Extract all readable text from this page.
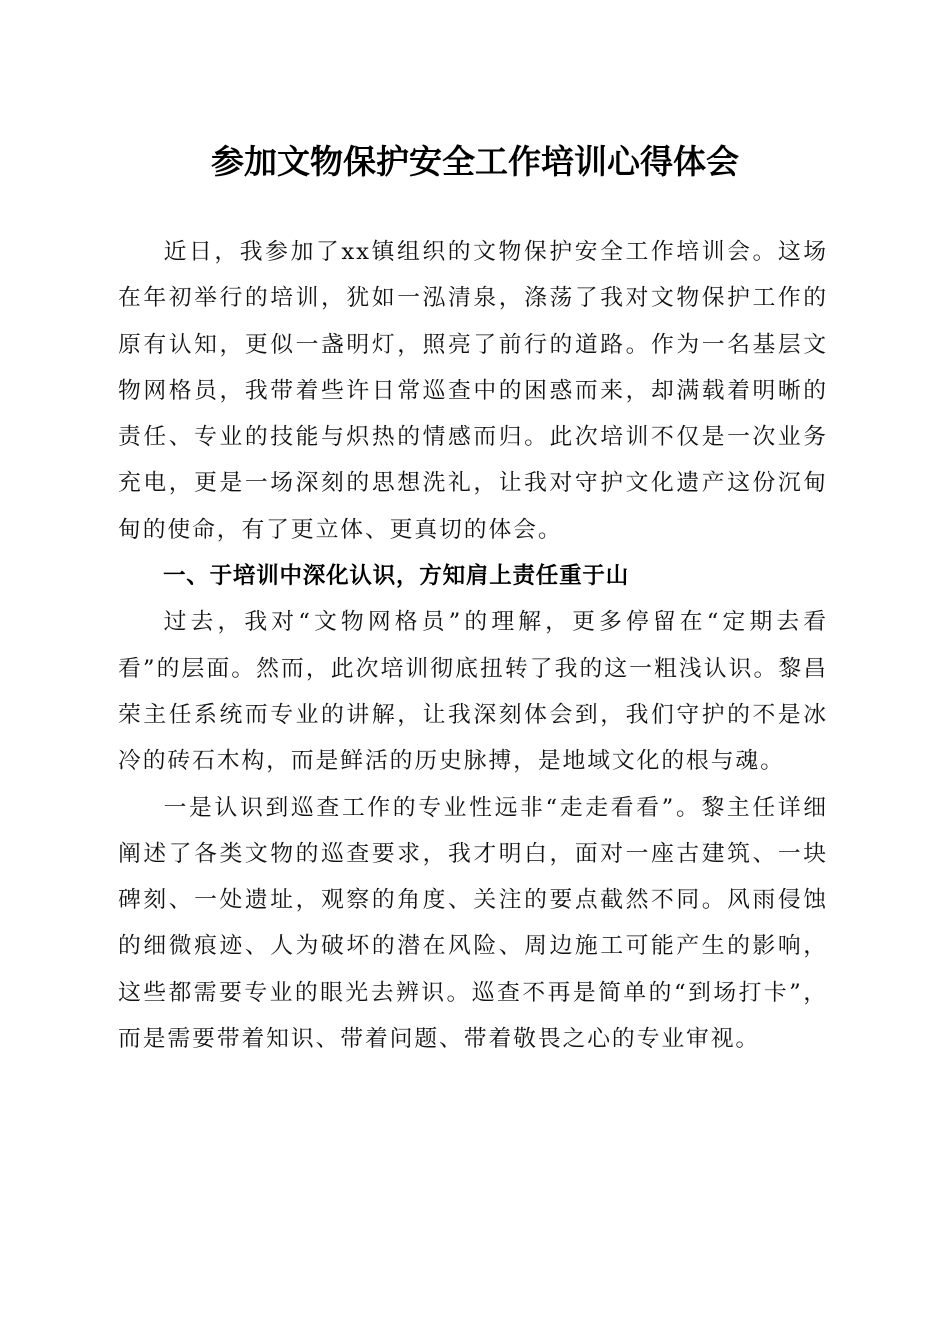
参加文物保护安全工作培训心得体会

近日，我参加了xx镇组织的文物保护安全工作培训会。这场在年初举行的培训，犹如一泓清泉，涤荡了我对文物保护工作的原有认知，更似一盏明灯，照亮了前行的道路。作为一名基层文物网格员，我带着些许日常巡查中的困惑而来，却满载着明晰的责任、专业的技能与炽热的情感而归。此次培训不仅是一次业务充电，更是一场深刻的思想洗礼，让我对守护文化遗产这份沉甸甸的使命，有了更立体、更真切的体会。

一、于培训中深化认识，方知肩上责任重于山

过去，我对“文物网格员”的理解，更多停留在“定期去看看”的层面。然而，此次培训彻底扭转了我的这一粗浅认识。黎昌荣主任系统而专业的讲解，让我深刻体会到，我们守护的不是冰冷的砖石木构，而是鲜活的历史脉搏，是地域文化的根与魂。

一是认识到巡查工作的专业性远非“走走看看”。黎主任详细阐述了各类文物的巡查要求，我才明白，面对一座古建筑、一块碑刻、一处遗址，观察的角度、关注的要点截然不同。风雨侵蚀的细微痕迹、人为破坏的潜在风险、周边施工可能产生的影响，这些都需要专业的眼光去辨识。巡查不再是简单的“到场打卡”，而是需要带着知识、带着问题、带着敬畏之心的专业审视。
